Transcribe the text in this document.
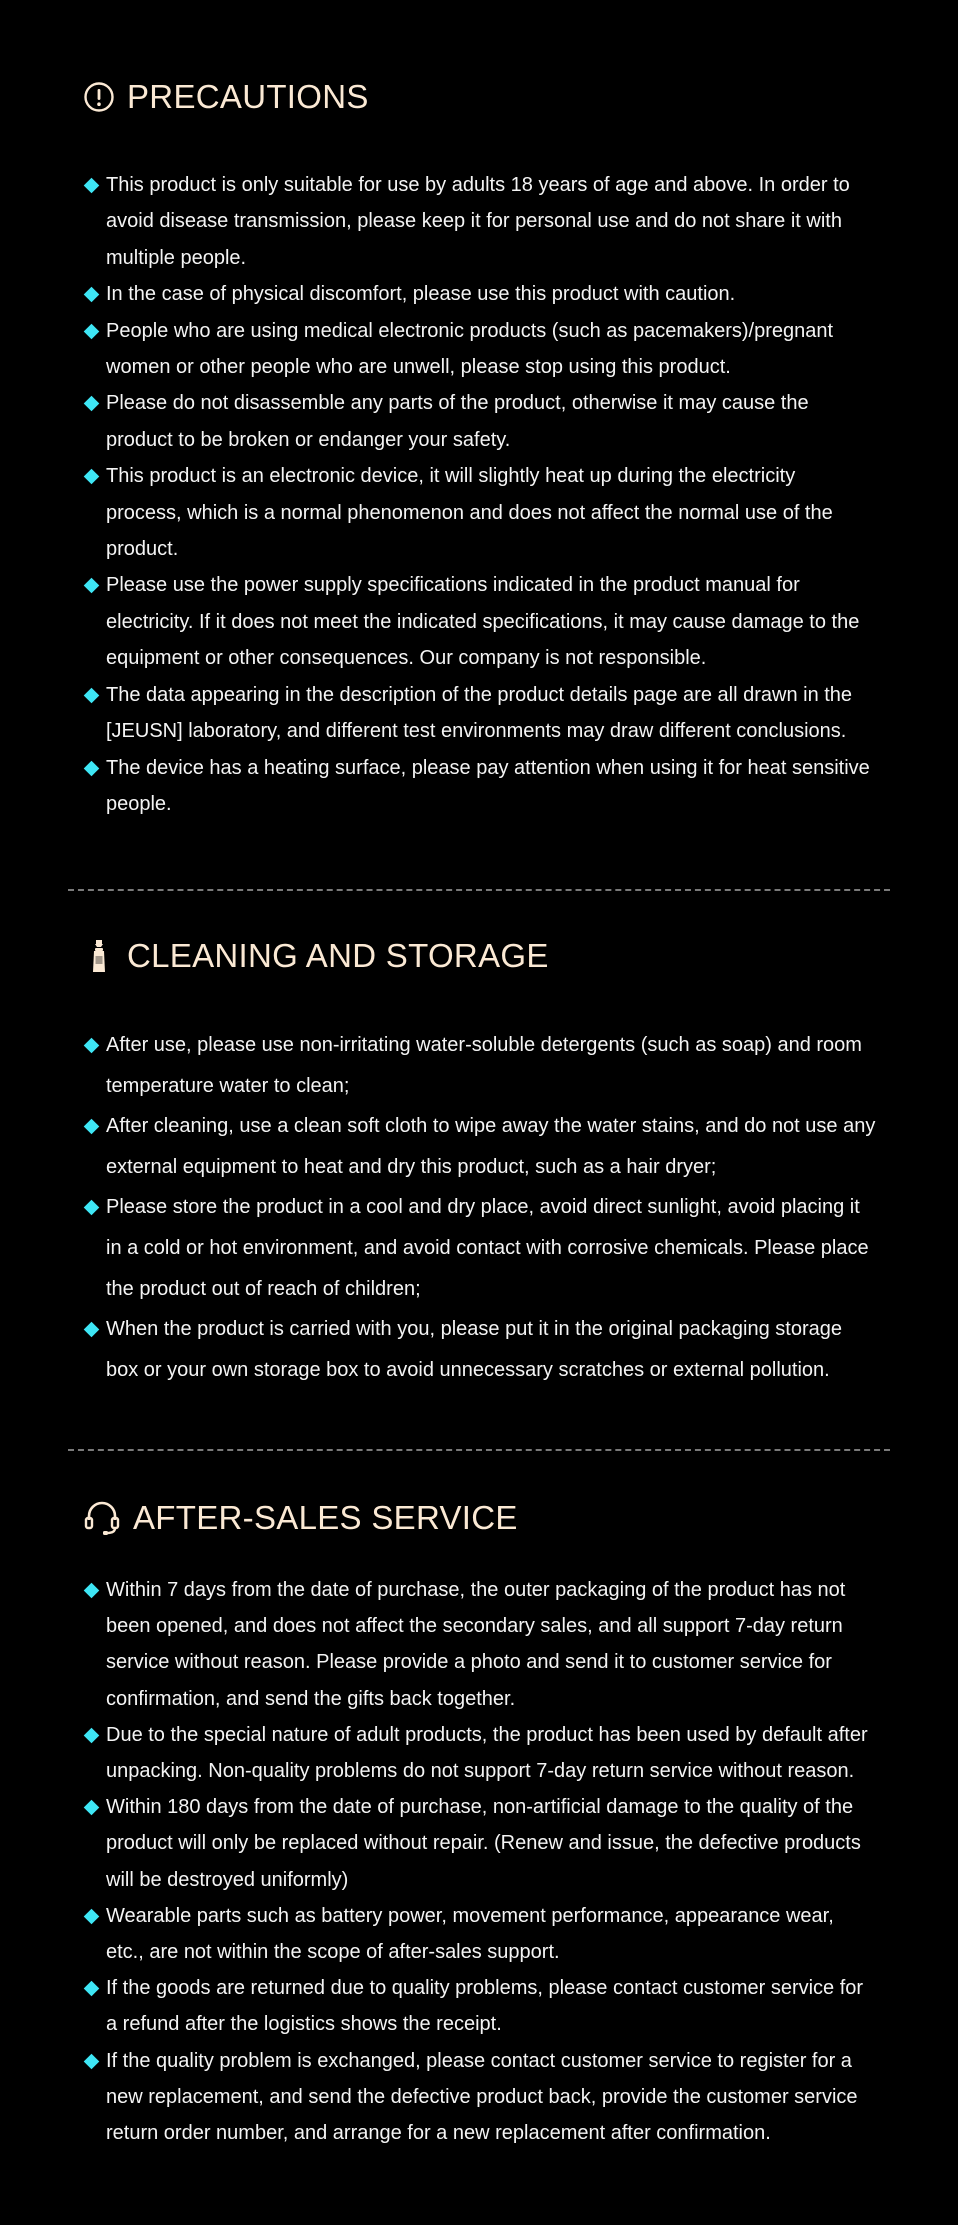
PRECAUTIONS
This product is only suitable for use by adults 18 years of age and above. In order to avoid disease transmission, please keep it for personal use and do not share it with multiple people.
In the case of physical discomfort, please use this product with caution.
People who are using medical electronic products (such as pacemakers)/pregnant women or other people who are unwell, please stop using this product.
Please do not disassemble any parts of the product, otherwise it may cause the product to be broken or endanger your safety.
This product is an electronic device, it will slightly heat up during the electricity process, which is a normal phenomenon and does not affect the normal use of the product.
Please use the power supply specifications indicated in the product manual for electricity. If it does not meet the indicated specifications, it may cause damage to the equipment or other consequences. Our company is not responsible.
The data appearing in the description of the product details page are all drawn in the [JEUSN] laboratory, and different test environments may draw different conclusions.
The device has a heating surface, please pay attention when using it for heat sensitive people.
CLEANING AND STORAGE
After use, please use non-irritating water-soluble detergents (such as soap) and room temperature water to clean;
After cleaning, use a clean soft cloth to wipe away the water stains, and do not use any external equipment to heat and dry this product, such as a hair dryer;
Please store the product in a cool and dry place, avoid direct sunlight, avoid placing it in a cold or hot environment, and avoid contact with corrosive chemicals. Please place the product out of reach of children;
When the product is carried with you, please put it in the original packaging storage box or your own storage box to avoid unnecessary scratches or external pollution.
AFTER-SALES SERVICE
Within 7 days from the date of purchase, the outer packaging of the product has not been opened, and does not affect the secondary sales, and all support 7-day return service without reason. Please provide a photo and send it to customer service for confirmation, and send the gifts back together.
Due to the special nature of adult products, the product has been used by default after unpacking. Non-quality problems do not support 7-day return service without reason.
Within 180 days from the date of purchase, non-artificial damage to the quality of the product will only be replaced without repair. (Renew and issue, the defective products will be destroyed uniformly)
Wearable parts such as battery power, movement performance, appearance wear, etc., are not within the scope of after-sales support.
If the goods are returned due to quality problems, please contact customer service for a refund after the logistics shows the receipt.
If the quality problem is exchanged, please contact customer service to register for a new replacement, and send the defective product back, provide the customer service return order number, and arrange for a new replacement after confirmation.
